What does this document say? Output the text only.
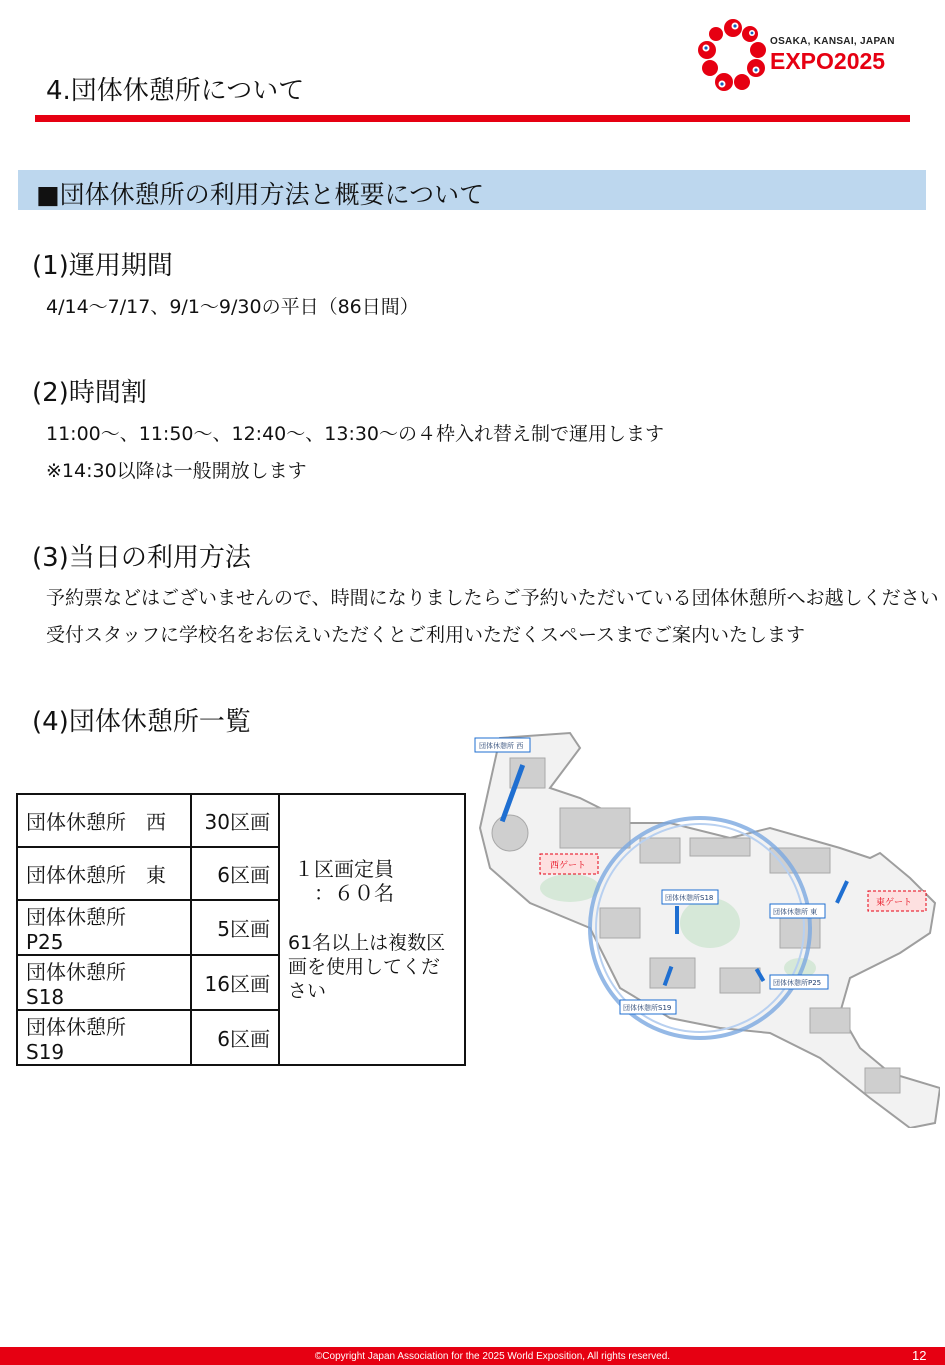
4.団体休憩所について
OSAKA, KANSAI, JAPAN
EXPO2025
■団体休憩所の利用方法と概要について
(1)運用期間
4/14～7/17、9/1～9/30の平日（86日間）
(2)時間割
11:00～、11:50～、12:40～、13:30～の４枠入れ替え制で運用します
※14:30以降は一般開放します
(3)当日の利用方法
予約票などはございませんので、時間になりましたらご予約いただいている団体休憩所へお越しください
受付スタッフに学校名をお伝えいただくとご利用いただくスペースまでご案内いたします
(4)団体休憩所一覧
団体休憩所　西	30区画	１区画定員
　：６０名
61名以上は複数区画を使用してください

団体休憩所　東	6区画	
団体休憩所　P25	5区画	
団体休憩所　S18	16区画	
団体休憩所　S19	6区画	
団体休憩所 西
団体休憩所 東
団体休憩所S18
団体休憩所S19
団体休憩所P25
西ゲート
東ゲート
©Copyright Japan Association for the 2025 World Exposition, All rights reserved.	12
